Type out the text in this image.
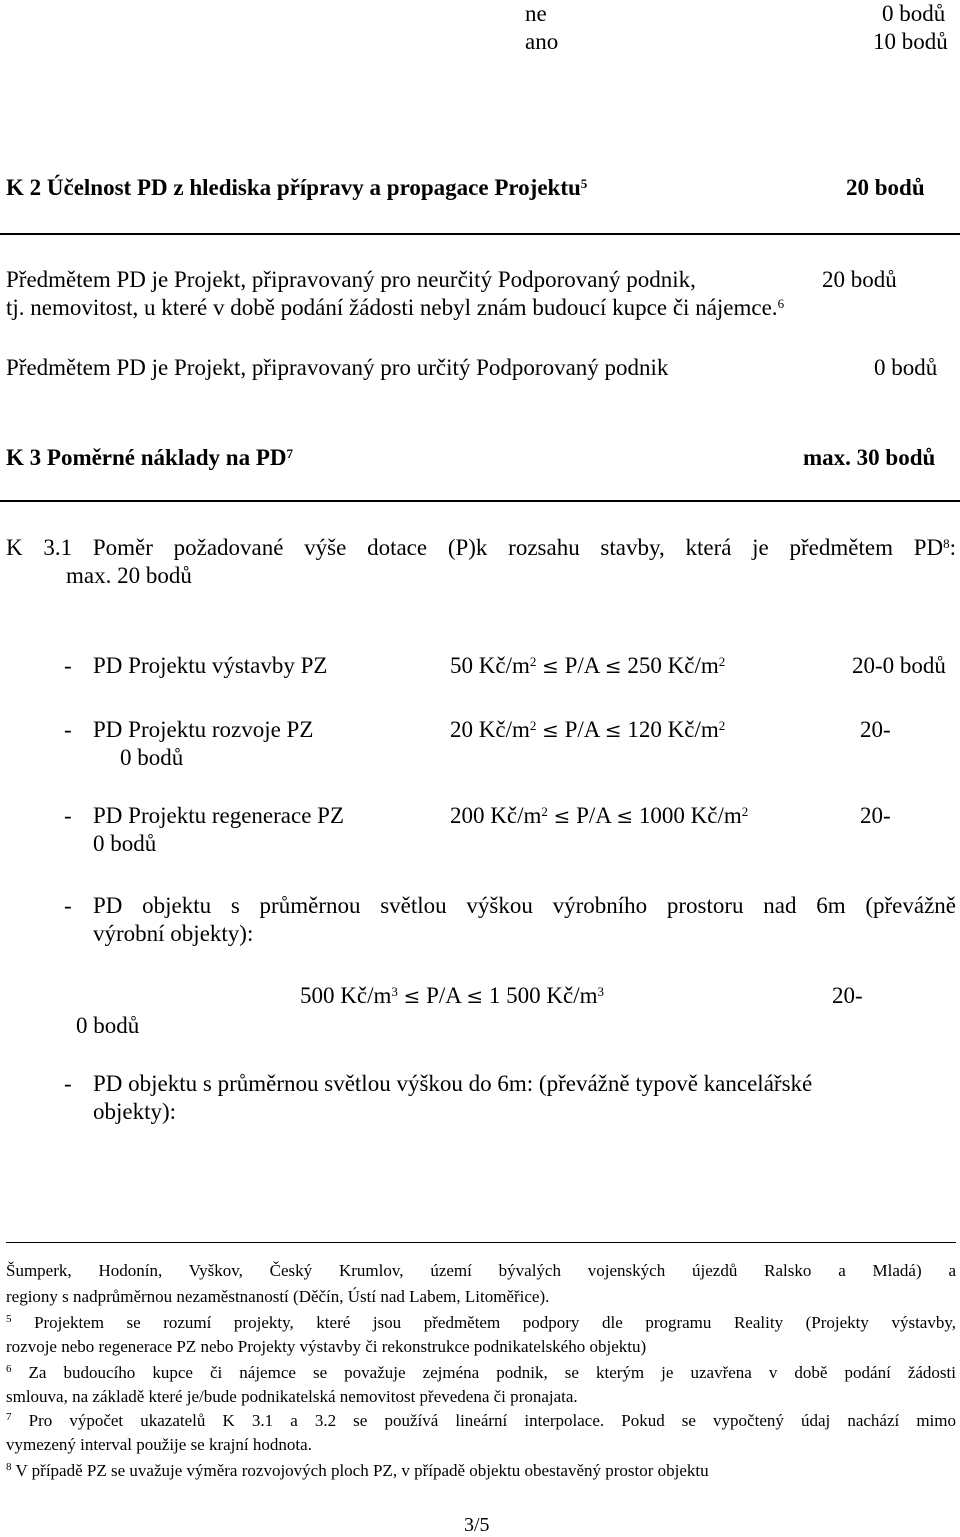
ne	0 bodů
ano	10 bodů
K 2 Účelnost PD z hlediska přípravy a propagace Projektu$^5$	20 bodů
Předmětem PD je Projekt, připravovaný pro neurčitý Podporovaný podnik,	20 bodů
tj. nemovitost, u které v době podání žádosti nebyl znám budoucí kupce či nájemce.$^6$
Předmětem PD je Projekt, připravovaný pro určitý Podporovaný podnik	0 bodů
K 3 Poměrné náklady na $PD^7$	max. 30 bodů
K 3.1 Poměr požadované výše dotace (P)k rozsahu stavby, která je předmětem $PD^8$:
max. 20 bodů
- PD Projektu výstavby PZ	50 $Kč/m^2 \le P/A \le 250$ $Kč/m^2$	20-0 bodů
- PD Projektu rozvoje PZ	20 $Kč/m^2 \le P/A \le 120$ $Kč/m^2$	20-
0 bodů
- PD Projektu regenerace PZ	200 $Kč/m^2 \le P/A \le 1000$ $Kč/m^2$	20-
0 bodů
- PD objektu s průměrnou světlou výškou výrobního prostoru nad 6m (převážně
výrobní objekty):
500 $Kč/m^3 \le P/A \le 1$ 500 $Kč/m^3$	20-
0 bodů
- PD objektu s průměrnou světlou výškou do 6m: (převážně typově kancelářské
objekty):
Šumperk, Hodonín, Vyškov, Český Krumlov, území bývalých vojenských újezdů Ralsko a Mladá) a
regiony s nadprůměrnou nezaměstnaností (Děčín, Ústí nad Labem, Litoměřice).
$^5$ Projektem se rozumí projekty, které jsou předmětem podpory dle programu Reality (Projekty výstavby,
rozvoje nebo regenerace PZ nebo Projekty výstavby či rekonstrukce podnikatelského objektu)
$^6$ Za budoucího kupce či nájemce se považuje zejména podnik, se kterým je uzavřena v době podání žádosti
smlouva, na základě které je/bude podnikatelská nemovitost převedena či pronajata.
$^7$ Pro výpočet ukazatelů K 3.1 a 3.2 se používá lineární interpolace. Pokud se vypočtený údaj nachází mimo
vymezený interval použije se krajní hodnota.
$^8$ V případě PZ se uvažuje výměra rozvojových ploch PZ, v případě objektu obestavěný prostor objektu
3/5
